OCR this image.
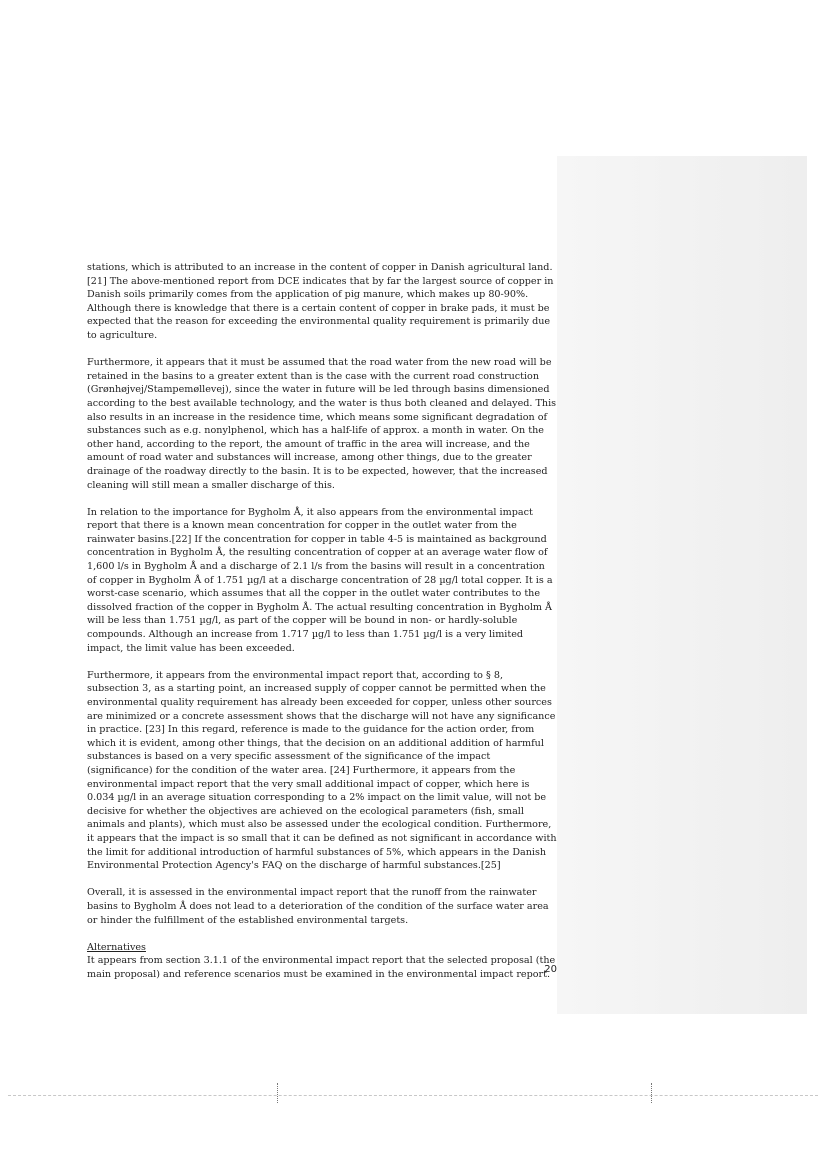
stations, which is attributed to an increase in the content of copper in Danish agricultural land.[21] The above-mentioned report from DCE indicates that by far the largest source of copper in Danish soils primarily comes from the application of pig manure, which makes up 80-90%. Although there is knowledge that there is a certain content of copper in brake pads, it must be expected that the reason for exceeding the environmental quality requirement is primarily due to agriculture.

Furthermore, it appears that it must be assumed that the road water from the new road will be retained in the basins to a greater extent than is the case with the current road construction (Grønhøjvej/Stampemøllevej), since the water in future will be led through basins dimensioned according to the best available technology, and the water is thus both cleaned and delayed. This also results in an increase in the residence time, which means some significant degradation of substances such as e.g. nonylphenol, which has a half-life of approx. a month in water. On the other hand, according to the report, the amount of traffic in the area will increase, and the amount of road water and substances will increase, among other things, due to the greater drainage of the roadway directly to the basin. It is to be expected, however, that the increased cleaning will still mean a smaller discharge of this.

In relation to the importance for Bygholm Å, it also appears from the environmental impact report that there is a known mean concentration for copper in the outlet water from the rainwater basins.[22] If the concentration for copper in table 4-5 is maintained as background concentration in Bygholm Å, the resulting concentration of copper at an average water flow of 1,600 l/s in Bygholm Å and a discharge of 2.1 l/s from the basins will result in a concentration of copper in Bygholm Å of 1.751 µg/l at a discharge concentration of 28 µg/l total copper. It is a worst-case scenario, which assumes that all the copper in the outlet water contributes to the dissolved fraction of the copper in Bygholm Å. The actual resulting concentration in Bygholm Å will be less than 1.751 µg/l, as part of the copper will be bound in non- or hardly-soluble compounds. Although an increase from 1.717 µg/l to less than 1.751 µg/l is a very limited impact, the limit value has been exceeded.

Furthermore, it appears from the environmental impact report that, according to § 8, subsection 3, as a starting point, an increased supply of copper cannot be permitted when the environmental quality requirement has already been exceeded for copper, unless other sources are minimized or a concrete assessment shows that the discharge will not have any significance in practice. [23] In this regard, reference is made to the guidance for the action order, from which it is evident, among other things, that the decision on an additional addition of harmful substances is based on a very specific assessment of the significance of the impact (significance) for the condition of the water area. [24] Furthermore, it appears from the environmental impact report that the very small additional impact of copper, which here is 0.034 µg/l in an average situation corresponding to a 2% impact on the limit value, will not be decisive for whether the objectives are achieved on the ecological parameters (fish, small animals and plants), which must also be assessed under the ecological condition. Furthermore, it appears that the impact is so small that it can be defined as not significant in accordance with the limit for additional introduction of harmful substances of 5%, which appears in the Danish Environmental Protection Agency's FAQ on the discharge of harmful substances.[25]

Overall, it is assessed in the environmental impact report that the runoff from the rainwater basins to Bygholm Å does not lead to a deterioration of the condition of the surface water area or hinder the fulfillment of the established environmental targets.

Alternatives

It appears from section 3.1.1 of the environmental impact report that the selected proposal (the main proposal) and reference scenarios must be examined in the environmental impact report.

20
